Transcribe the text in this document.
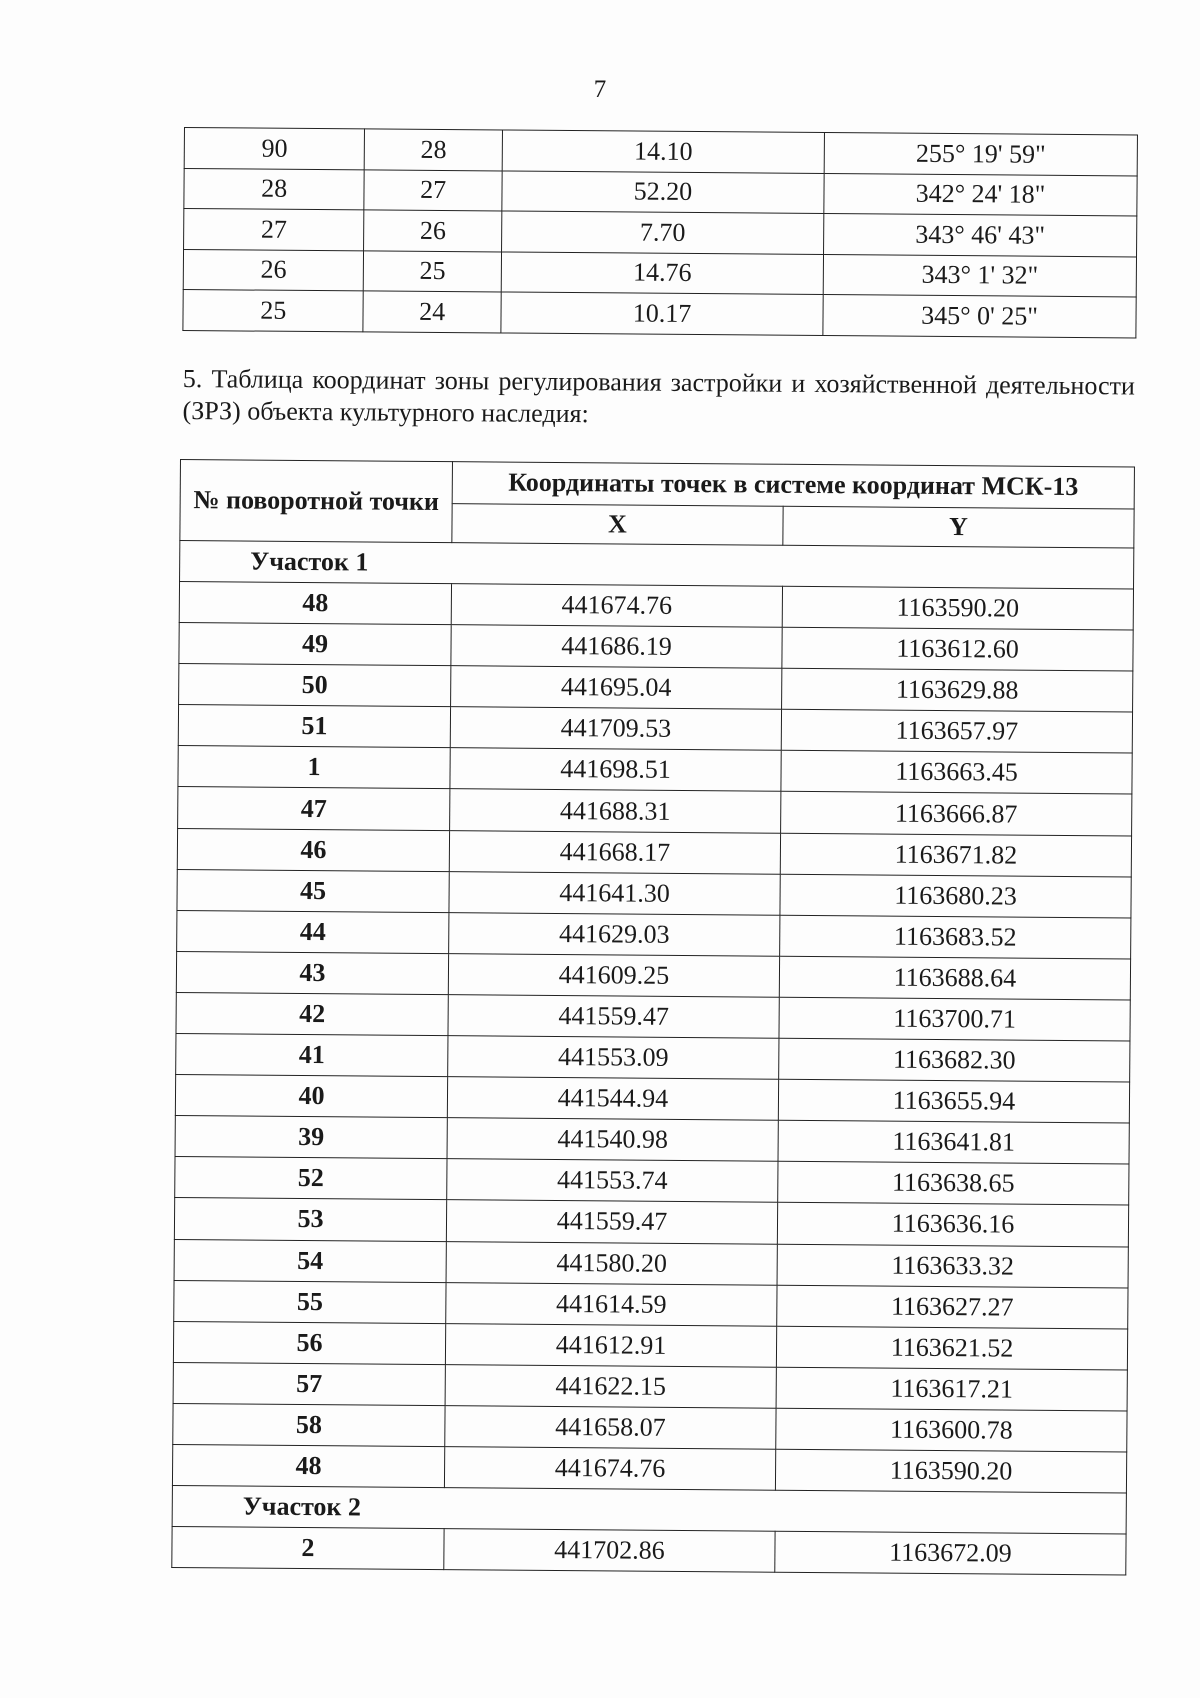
7
90	28	14.10	255° 19' 59"
28	27	52.20	342° 24' 18"
27	26	7.70	343° 46' 43"
26	25	14.76	343° 1' 32"
25	24	10.17	345° 0' 25"
5. Таблица координат зоны регулирования застройки и хозяйственной деятельности (ЗРЗ) объекта культурного наследия:
№ поворотной точки	Координаты точек в системе координат МСК-13	
	X	Y
Участок 1		
48	441674.76	1163590.20
49	441686.19	1163612.60
50	441695.04	1163629.88
51	441709.53	1163657.97
1	441698.51	1163663.45
47	441688.31	1163666.87
46	441668.17	1163671.82
45	441641.30	1163680.23
44	441629.03	1163683.52
43	441609.25	1163688.64
42	441559.47	1163700.71
41	441553.09	1163682.30
40	441544.94	1163655.94
39	441540.98	1163641.81
52	441553.74	1163638.65
53	441559.47	1163636.16
54	441580.20	1163633.32
55	441614.59	1163627.27
56	441612.91	1163621.52
57	441622.15	1163617.21
58	441658.07	1163600.78
48	441674.76	1163590.20
Участок 2		
2	441702.86	1163672.09
